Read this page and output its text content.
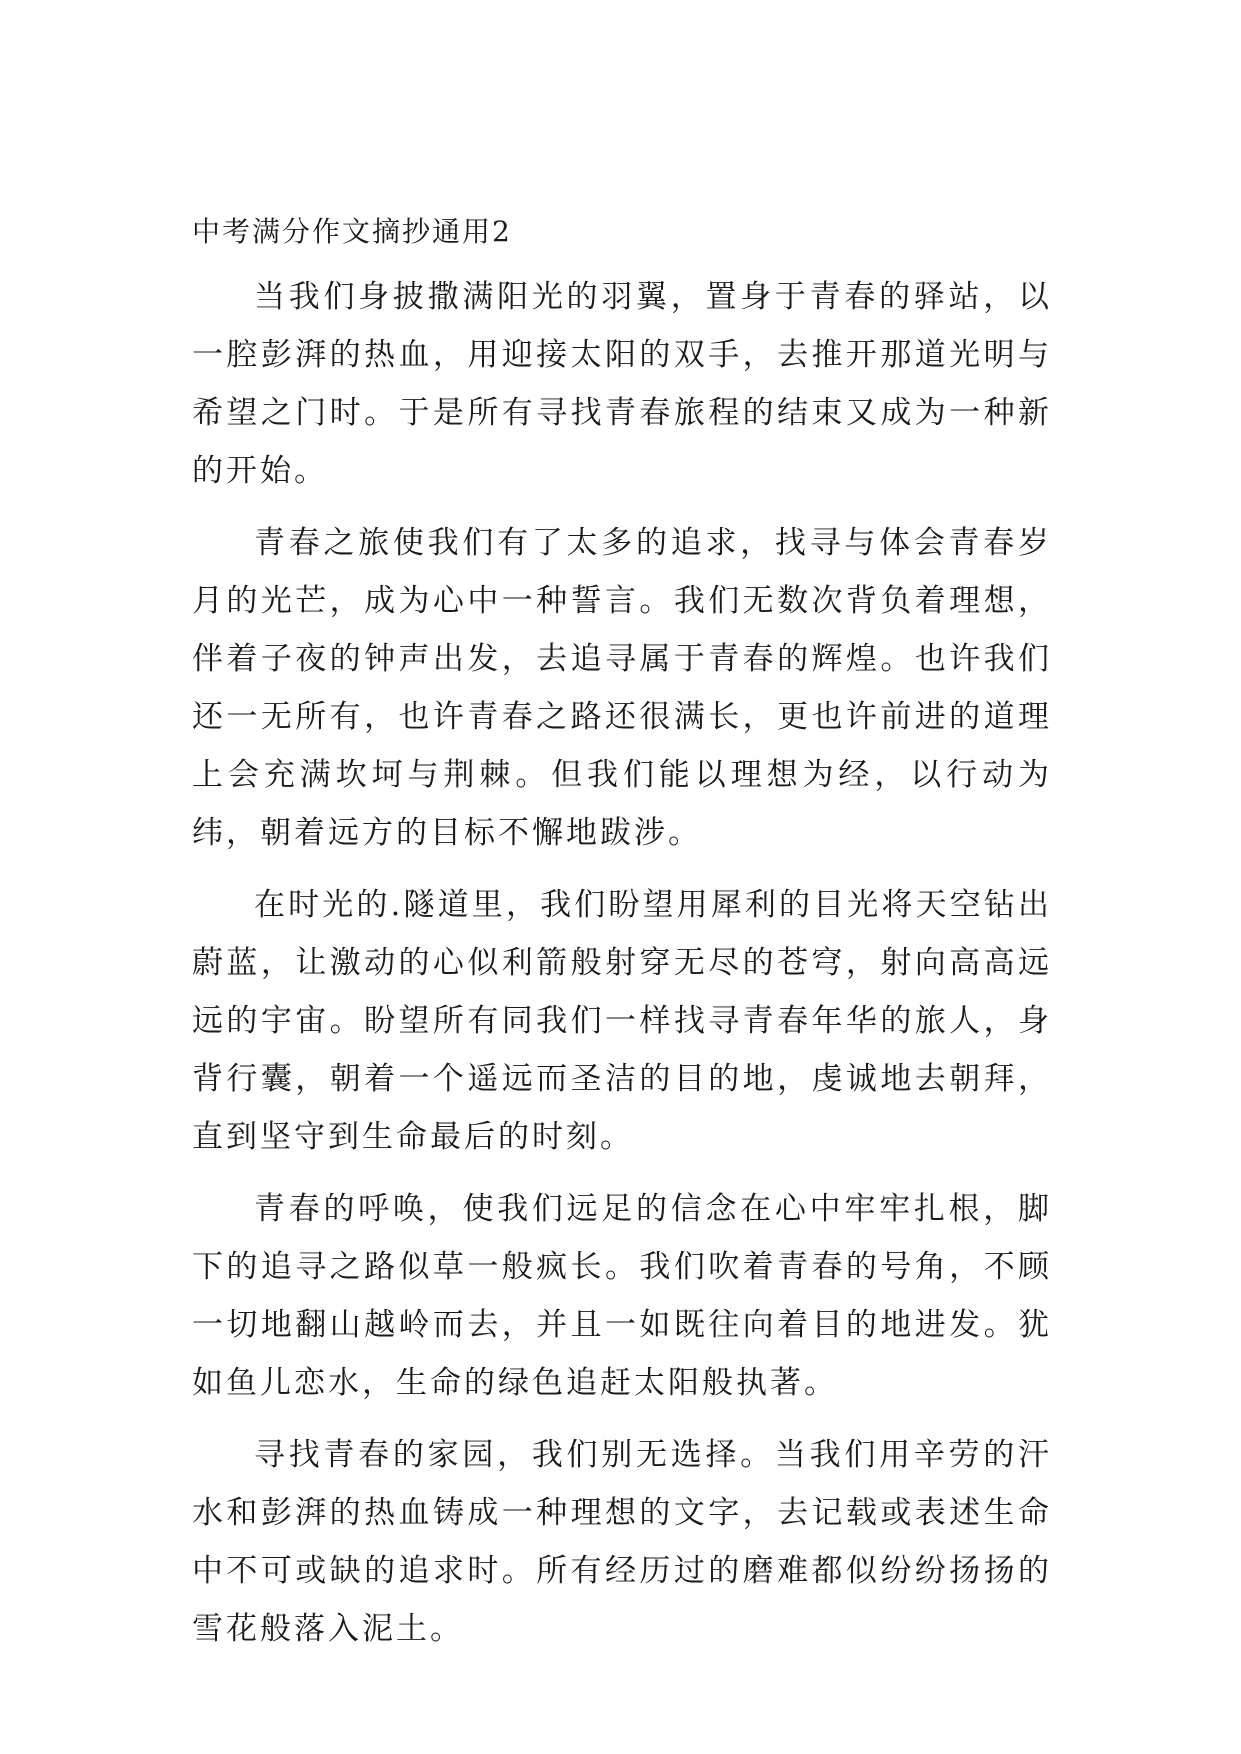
中考满分作文摘抄通用2

当我们身披撒满阳光的羽翼，置身于青春的驿站，以一腔彭湃的热血，用迎接太阳的双手，去推开那道光明与希望之门时。于是所有寻找青春旅程的结束又成为一种新的开始。

青春之旅使我们有了太多的追求，找寻与体会青春岁月的光芒，成为心中一种誓言。我们无数次背负着理想，伴着子夜的钟声出发，去追寻属于青春的辉煌。也许我们还一无所有，也许青春之路还很满长，更也许前进的道理上会充满坎坷与荆棘。但我们能以理想为经，以行动为纬，朝着远方的目标不懈地跋涉。

在时光的.隧道里，我们盼望用犀利的目光将天空钻出蔚蓝，让激动的心似利箭般射穿无尽的苍穹，射向高高远远的宇宙。盼望所有同我们一样找寻青春年华的旅人，身背行囊，朝着一个遥远而圣洁的目的地，虔诚地去朝拜，直到坚守到生命最后的时刻。

青春的呼唤，使我们远足的信念在心中牢牢扎根，脚下的追寻之路似草一般疯长。我们吹着青春的号角，不顾一切地翻山越岭而去，并且一如既往向着目的地进发。犹如鱼儿恋水，生命的绿色追赶太阳般执著。

寻找青春的家园，我们别无选择。当我们用辛劳的汗水和彭湃的热血铸成一种理想的文字，去记载或表述生命中不可或缺的追求时。所有经历过的磨难都似纷纷扬扬的雪花般落入泥土。
